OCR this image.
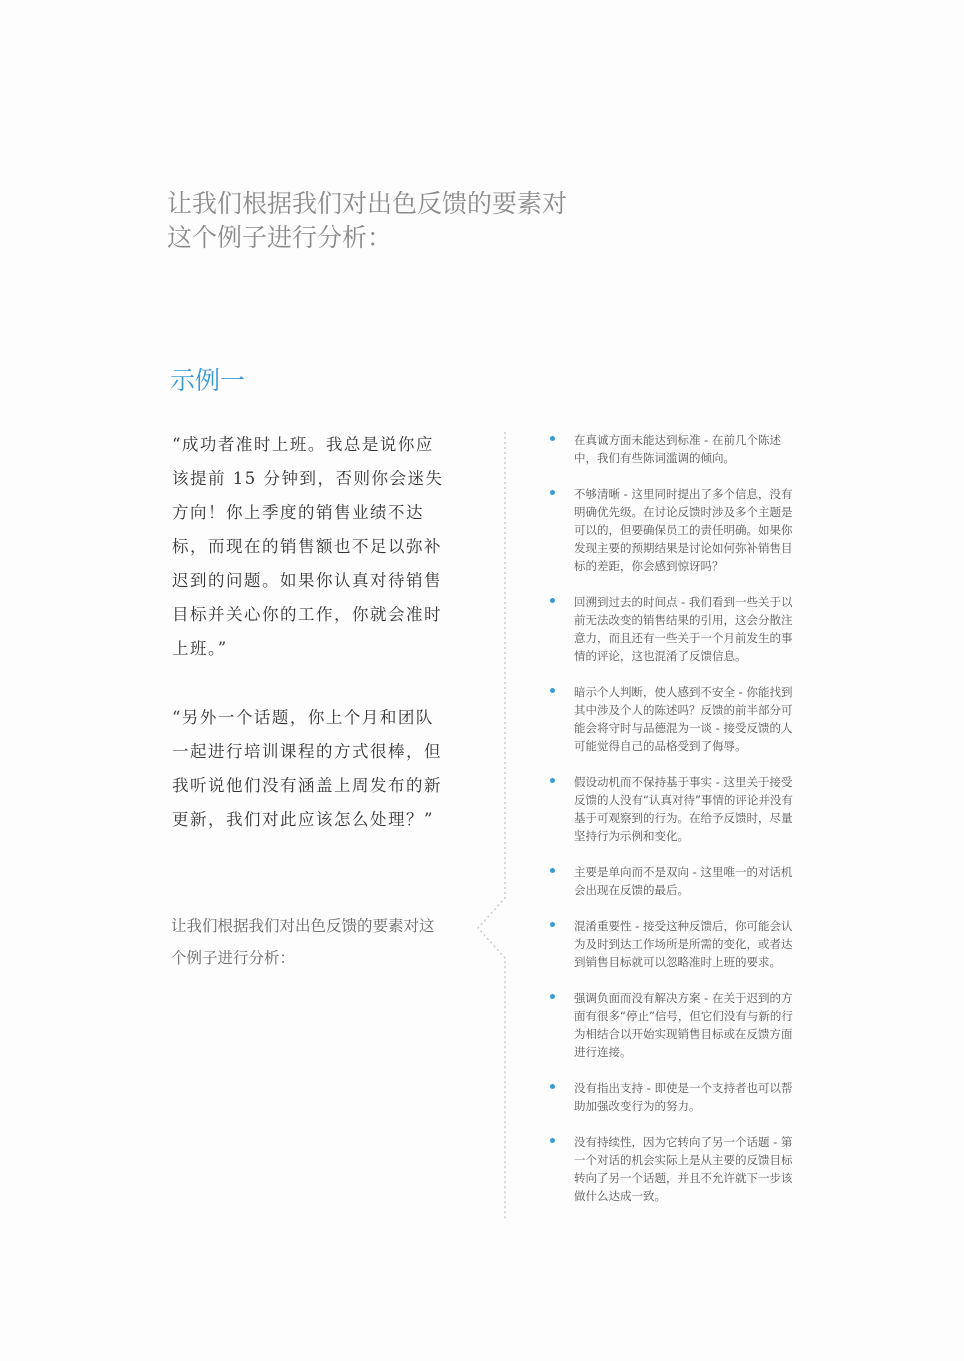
让我们根据我们对出色反馈的要素对这个例子进行分析：
示例一

“成功者准时上班。我总是说你应该提前 15 分钟到，否则你会迷失方向！你上季度的销售业绩不达标，而现在的销售额也不足以弥补迟到的问题。如果你认真对待销售目标并关心你的工作，你就会准时上班。”

“另外一个话题，你上个月和团队一起进行培训课程的方式很棒，但我听说他们没有涵盖上周发布的新更新，我们对此应该怎么处理？”

让我们根据我们对出色反馈的要素对这个例子进行分析：

在真诚方面未能达到标准 - 在前几个陈述中，我们有些陈词滥调的倾向。
不够清晰 - 这里同时提出了多个信息，没有明确优先级。在讨论反馈时涉及多个主题是可以的，但要确保员工的责任明确。如果你发现主要的预期结果是讨论如何弥补销售目标的差距，你会感到惊讶吗？
回溯到过去的时间点 - 我们看到一些关于以前无法改变的销售结果的引用，这会分散注意力，而且还有一些关于一个月前发生的事情的评论，这也混淆了反馈信息。
暗示个人判断，使人感到不安全 - 你能找到其中涉及个人的陈述吗？反馈的前半部分可能会将守时与品德混为一谈 - 接受反馈的人可能觉得自己的品格受到了侮辱。
假设动机而不保持基于事实 - 这里关于接受反馈的人没有“认真对待”事情的评论并没有基于可观察到的行为。在给予反馈时，尽量坚持行为示例和变化。
主要是单向而不是双向 - 这里唯一的对话机会出现在反馈的最后。
混淆重要性 - 接受这种反馈后，你可能会认为及时到达工作场所是所需的变化，或者达到销售目标就可以忽略准时上班的要求。
强调负面而没有解决方案 - 在关于迟到的方面有很多“停止”信号，但它们没有与新的行为相结合以开始实现销售目标或在反馈方面进行连接。
没有指出支持 - 即使是一个支持者也可以帮助加强改变行为的努力。
没有持续性，因为它转向了另一个话题 - 第一个对话的机会实际上是从主要的反馈目标转向了另一个话题，并且不允许就下一步该做什么达成一致。
